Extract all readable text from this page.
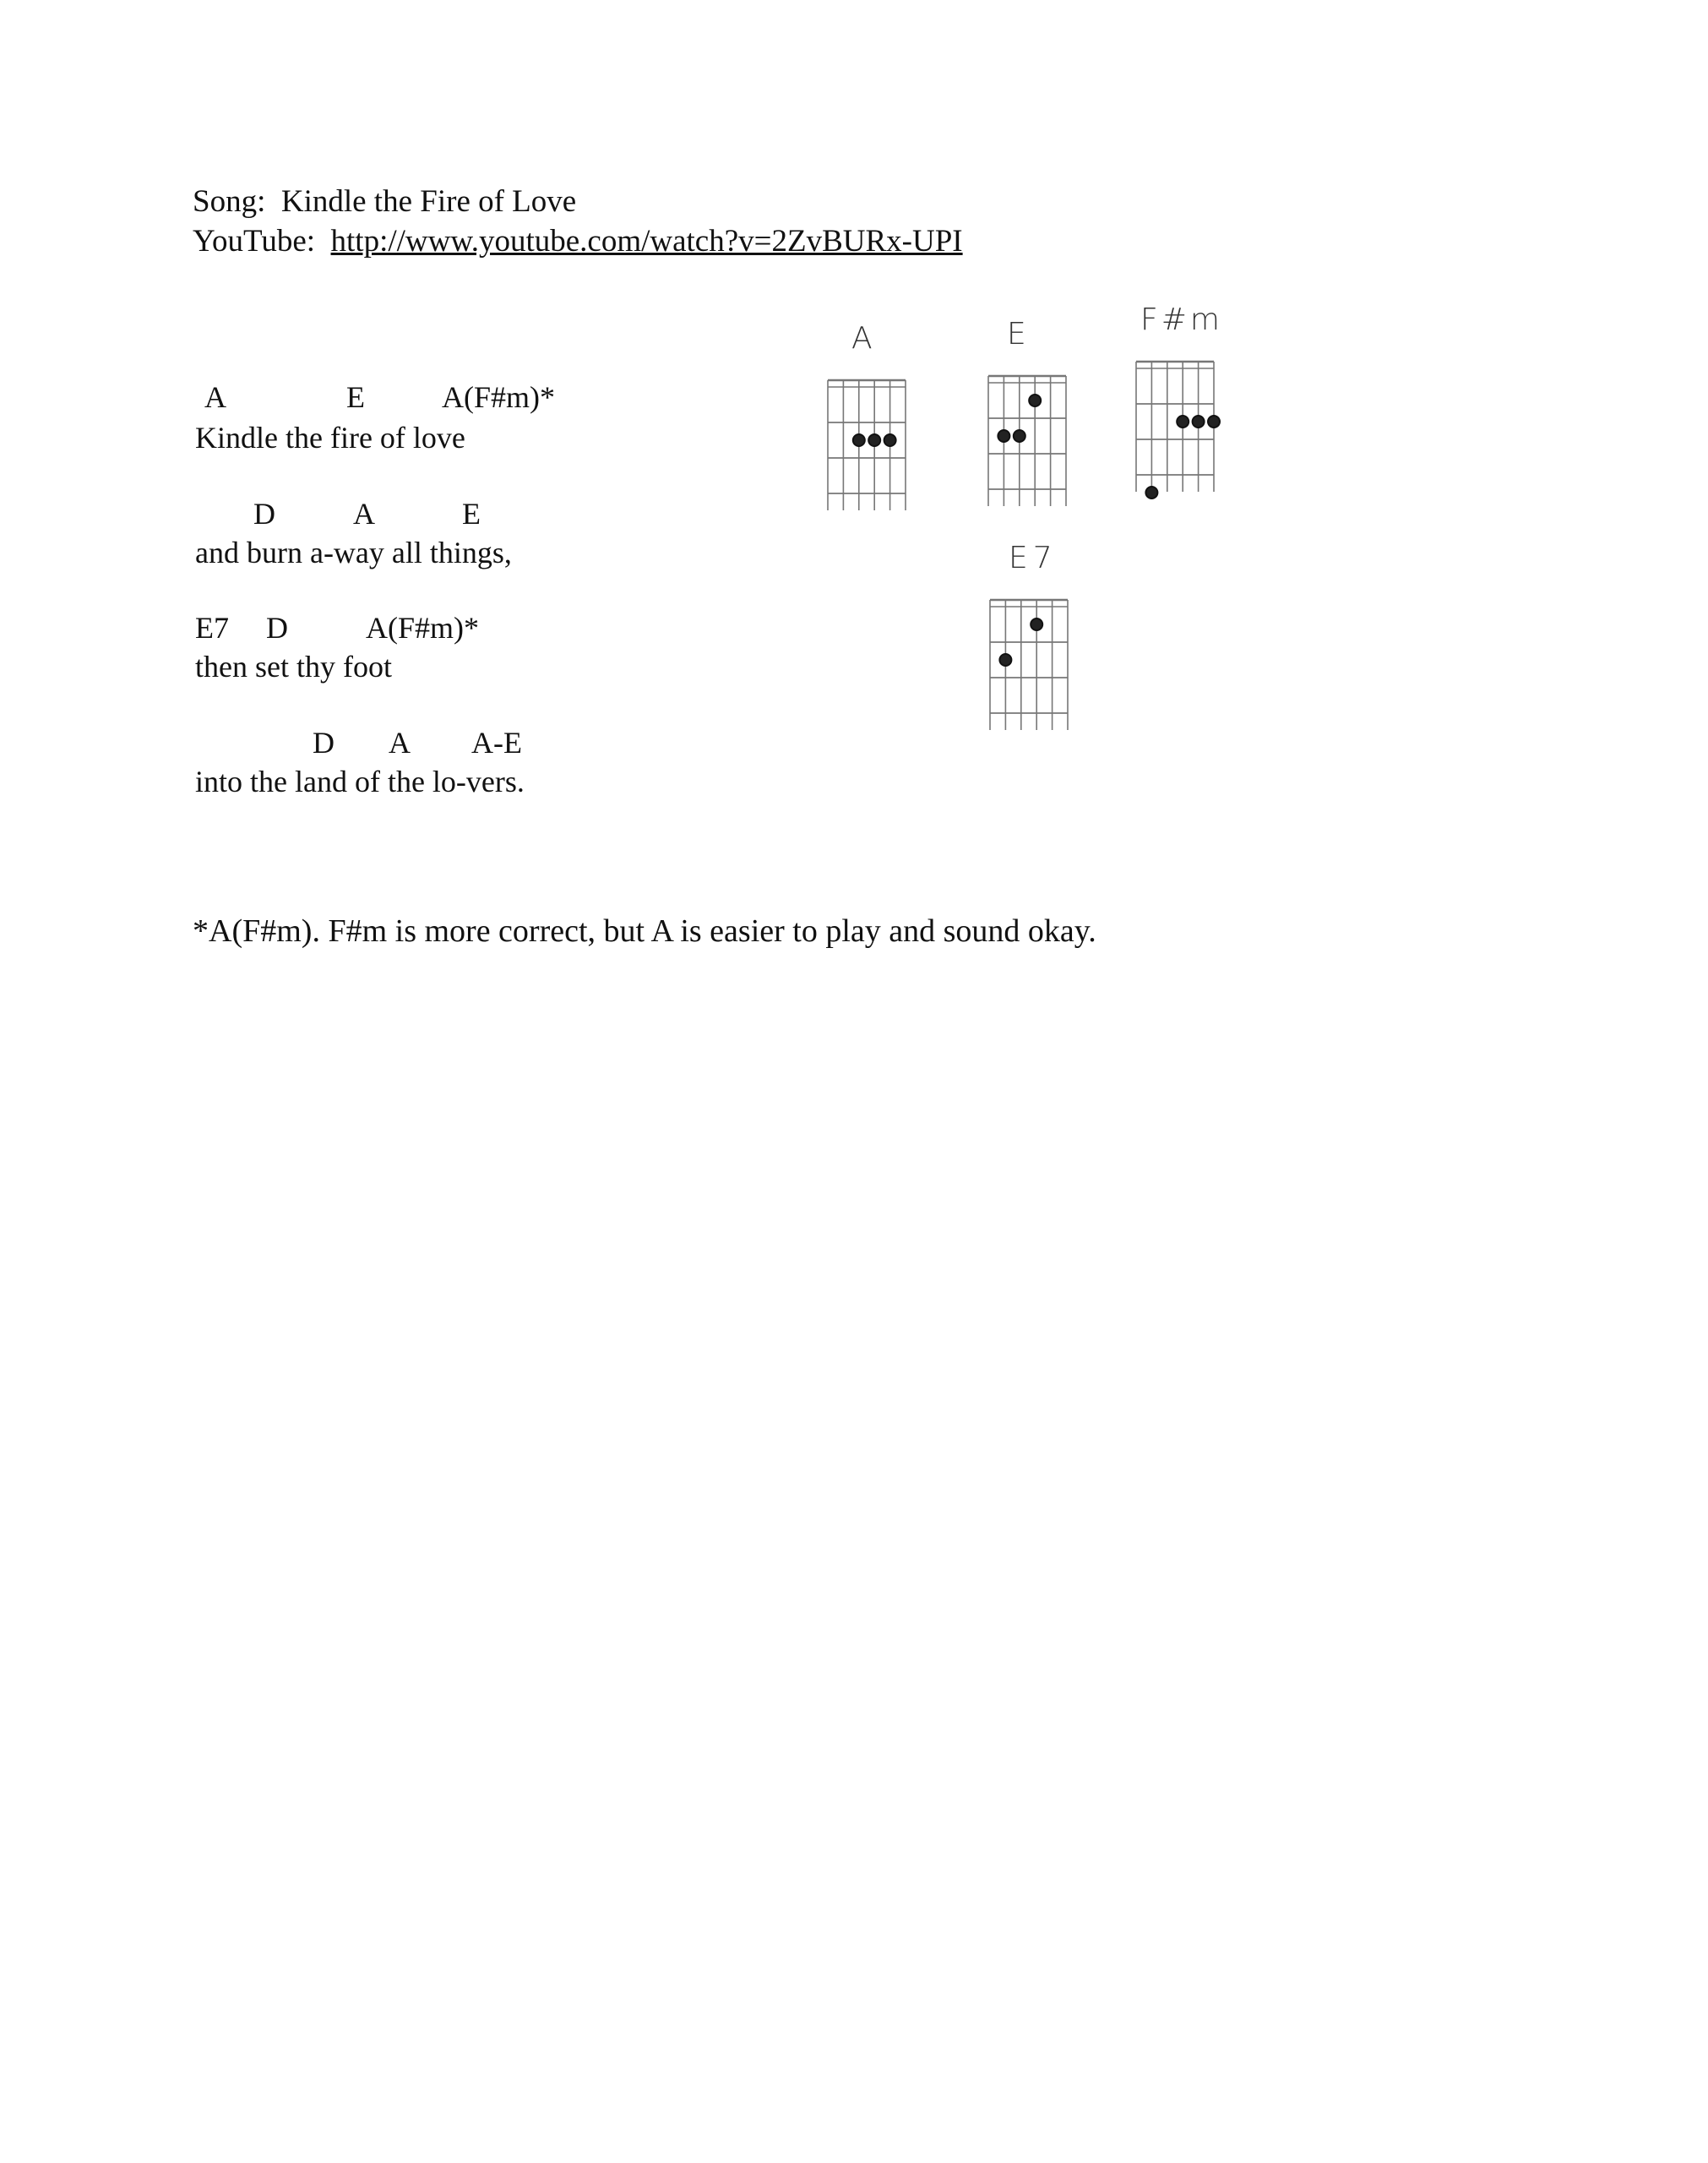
Song: Kindle the Fire of Love
YouTube: http://www.youtube.com/watch?v=2ZvBURx-UPI
A	E	A(F#m)*
Kindle the fire of love
D	A	E
and burn a-way all things,
E7 D	A(F#m)*
then set thy foot
D A A-E
into the land of the lo-vers.
A	E	F#m
E7
*A(F#m). F#m is more correct, but A is easier to play and sound okay.
